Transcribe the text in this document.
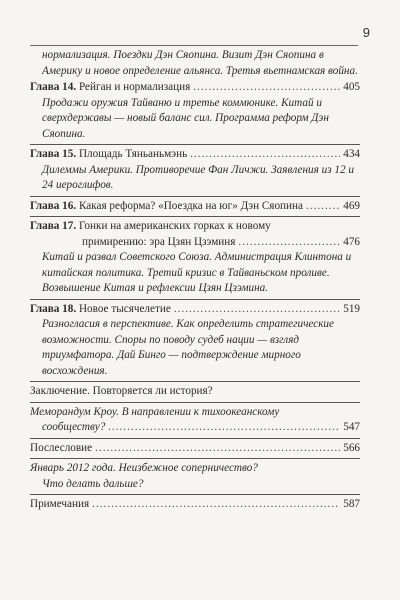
9
нормализация. Поездки Дэн Сяопина. Визит Дэн Сяопина в Америку и новое определение альянса. Третья вьетнамская война.
Глава 14. Рейган и нормализация .....	405
Продажи оружия Тайваню и третье коммюнике. Китай и сверхдержавы — новый баланс сил. Программа реформ Дэн Сяопина.
Глава 15. Площадь Тяньаньмэнь .....	434
Дилеммы Америки. Противоречие Фан Личжи. Заявления из 12 и 24 иероглифов.
Глава 16. Какая реформа? «Поездка на юг» Дэн Сяопина .....	469
Глава 17. Гонки на американских горках к новому
примирению: эра Цзян Цзэминя .....	476
Китай и развал Советского Союза. Администрация Клинтона и китайская политика. Третий кризис в Тайваньском проливе. Возвышение Китая и рефлексии Цзян Цзэмина.
Глава 18. Новое тысячелетие .....	519
Разногласия в перспективе. Как определить стратегические возможности. Споры по поводу судеб нации — взгляд триумфатора. Дай Бинго — подтверждение мирного восхождения.
Заключение. Повторяется ли история?
Меморандум Кроу. В направлении к тихоокеанскому
сообществу? .....	547
Послесловие .....	566
Январь 2012 года. Неизбежное соперничество?
Что делать дальше?
Примечания .....	587
